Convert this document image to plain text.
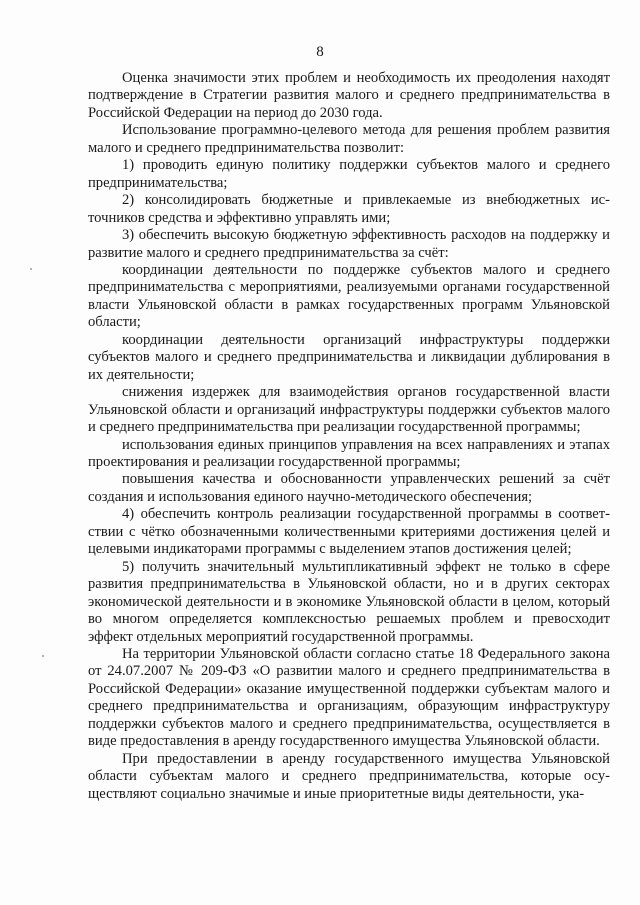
8

Оценка значимости этих проблем и необходимость их преодоления находят подтверждение в Стратегии развития малого и среднего предпринимательства в Российской Федерации на период до 2030 года.

Использование программно-целевого метода для решения проблем развития малого и среднего предпринимательства позволит:

1) проводить единую политику поддержки субъектов малого и среднего предпринимательства;

2) консолидировать бюджетные и привлекаемые из внебюджетных источников средства и эффективно управлять ими;

3) обеспечить высокую бюджетную эффективность расходов на поддержку и развитие малого и среднего предпринимательства за счёт:

координации деятельности по поддержке субъектов малого и среднего предпринимательства с мероприятиями, реализуемыми органами государственной власти Ульяновской области в рамках государственных программ Ульяновской области;

координации деятельности организаций инфраструктуры поддержки субъектов малого и среднего предпринимательства и ликвидации дублирования в их деятельности;

снижения издержек для взаимодействия органов государственной власти Ульяновской области и организаций инфраструктуры поддержки субъектов малого и среднего предпринимательства при реализации государственной программы;

использования единых принципов управления на всех направлениях и этапах проектирования и реализации государственной программы;

повышения качества и обоснованности управленческих решений за счёт создания и использования единого научно-методического обеспечения;

4) обеспечить контроль реализации государственной программы в соответствии с чётко обозначенными количественными критериями достижения целей и целевыми индикаторами программы с выделением этапов достижения целей;

5) получить значительный мультипликативный эффект не только в сфере развития предпринимательства в Ульяновской области, но и в других секторах экономической деятельности и в экономике Ульяновской области в целом, который во многом определяется комплексностью решаемых проблем и превосходит эффект отдельных мероприятий государственной программы.

На территории Ульяновской области согласно статье 18 Федерального закона от 24.07.2007 № 209-ФЗ «О развитии малого и среднего предпринимательства в Российской Федерации» оказание имущественной поддержки субъектам малого и среднего предпринимательства и организациям, образующим инфраструктуру поддержки субъектов малого и среднего предпринимательства, осуществляется в виде предоставления в аренду государственного имущества Ульяновской области.

При предоставлении в аренду государственного имущества Ульяновской области субъектам малого и среднего предпринимательства, которые осуществляют социально значимые и иные приоритетные виды деятельности, ука-
